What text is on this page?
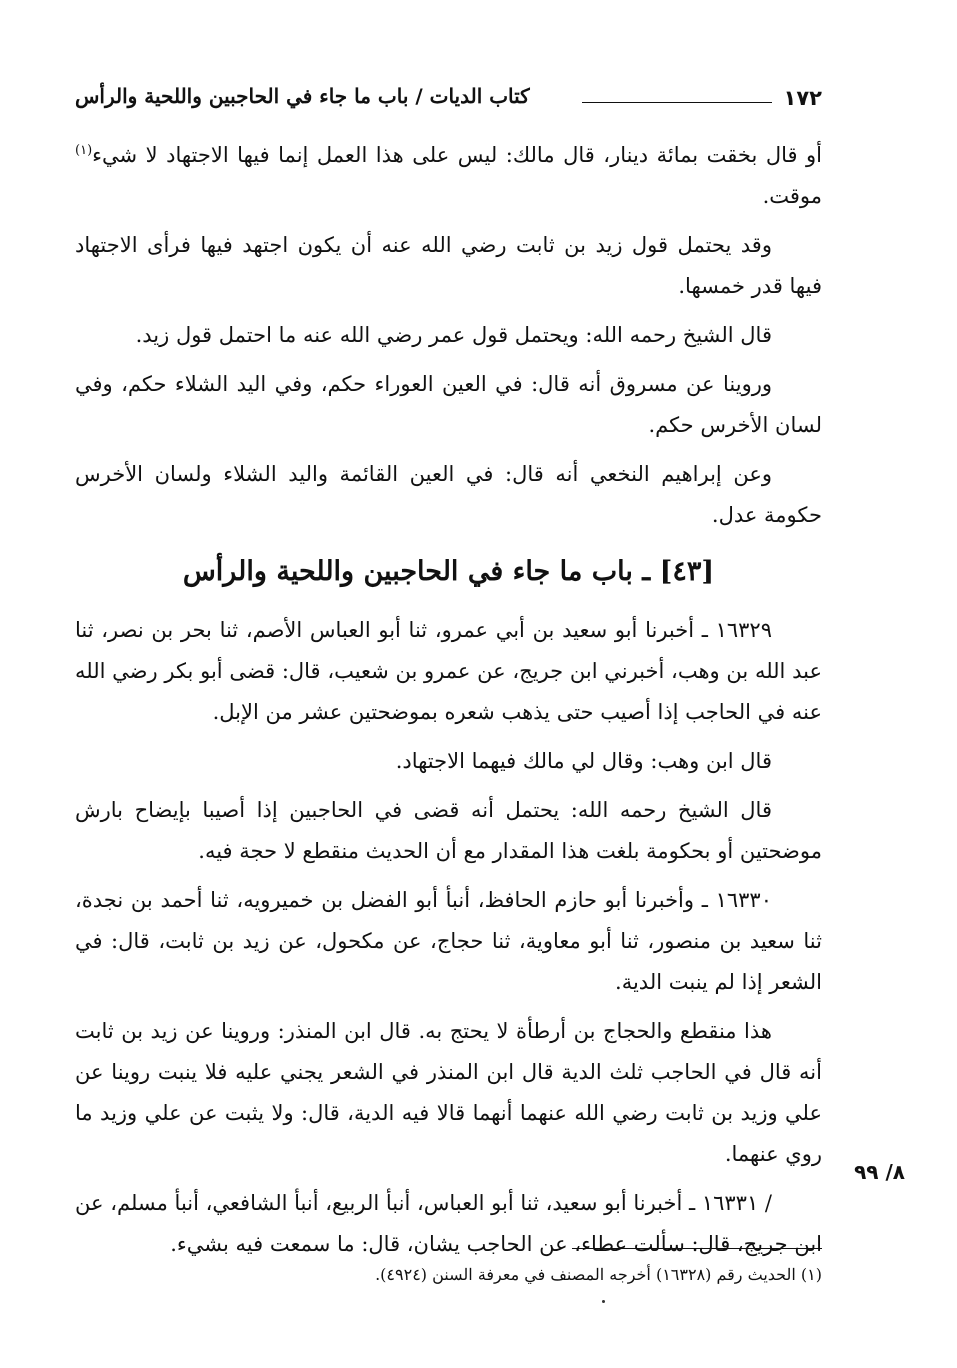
١٧٢
كتاب الديات / باب ما جاء في الحاجبين واللحية والرأس

أو قال بخقت بمائة دينار، قال مالك: ليس على هذا العمل إنما فيها الاجتهاد لا شيء$^{(١)}$ موقت.

وقد يحتمل قول زيد بن ثابت رضي الله عنه أن يكون اجتهد فيها فرأى الاجتهاد فيها قدر خمسها.

قال الشيخ رحمه الله: ويحتمل قول عمر رضي الله عنه ما احتمل قول زيد.

وروينا عن مسروق أنه قال: في العين العوراء حكم، وفي اليد الشلاء حكم، وفي لسان الأخرس حكم.

وعن إبراهيم النخعي أنه قال: في العين القائمة واليد الشلاء ولسان الأخرس حكومة عدل.

[٤٣] ـ باب ما جاء في الحاجبين واللحية والرأس

١٦٣٢٩ ـ أخبرنا أبو سعيد بن أبي عمرو، ثنا أبو العباس الأصم، ثنا بحر بن نصر، ثنا عبد الله بن وهب، أخبرني ابن جريج، عن عمرو بن شعيب، قال: قضى أبو بكر رضي الله عنه في الحاجب إذا أصيب حتى يذهب شعره بموضحتين عشر من الإبل.

قال ابن وهب: وقال لي مالك فيهما الاجتهاد.

قال الشيخ رحمه الله: يحتمل أنه قضى في الحاجبين إذا أصيبا بإيضاح بارش موضحتين أو بحكومة بلغت هذا المقدار مع أن الحديث منقطع لا حجة فيه.

١٦٣٣٠ ـ وأخبرنا أبو حازم الحافظ، أنبأ أبو الفضل بن خميرويه، ثنا أحمد بن نجدة، ثنا سعيد بن منصور، ثنا أبو معاوية، ثنا حجاج، عن مكحول، عن زيد بن ثابت، قال: في الشعر إذا لم ينبت الدية.

هذا منقطع والحجاج بن أرطأة لا يحتج به. قال ابن المنذر: وروينا عن زيد بن ثابت أنه قال في الحاجب ثلث الدية قال ابن المنذر في الشعر يجني عليه فلا ينبت روينا عن علي وزيد بن ثابت رضي الله عنهما أنهما قالا فيه الدية، قال: ولا يثبت عن علي وزيد ما روي عنهما.

/ ١٦٣٣١ ـ أخبرنا أبو سعيد، ثنا أبو العباس، أنبأ الربيع، أنبأ الشافعي، أنبأ مسلم، عن ابن جريج، قال: سألت عطاء، عن الحاجب يشان، قال: ما سمعت فيه بشيء.

٨/ ٩٩
(١) الحديث رقم (١٦٣٢٨) أخرجه المصنف في معرفة السنن (٤٩٢٤).
